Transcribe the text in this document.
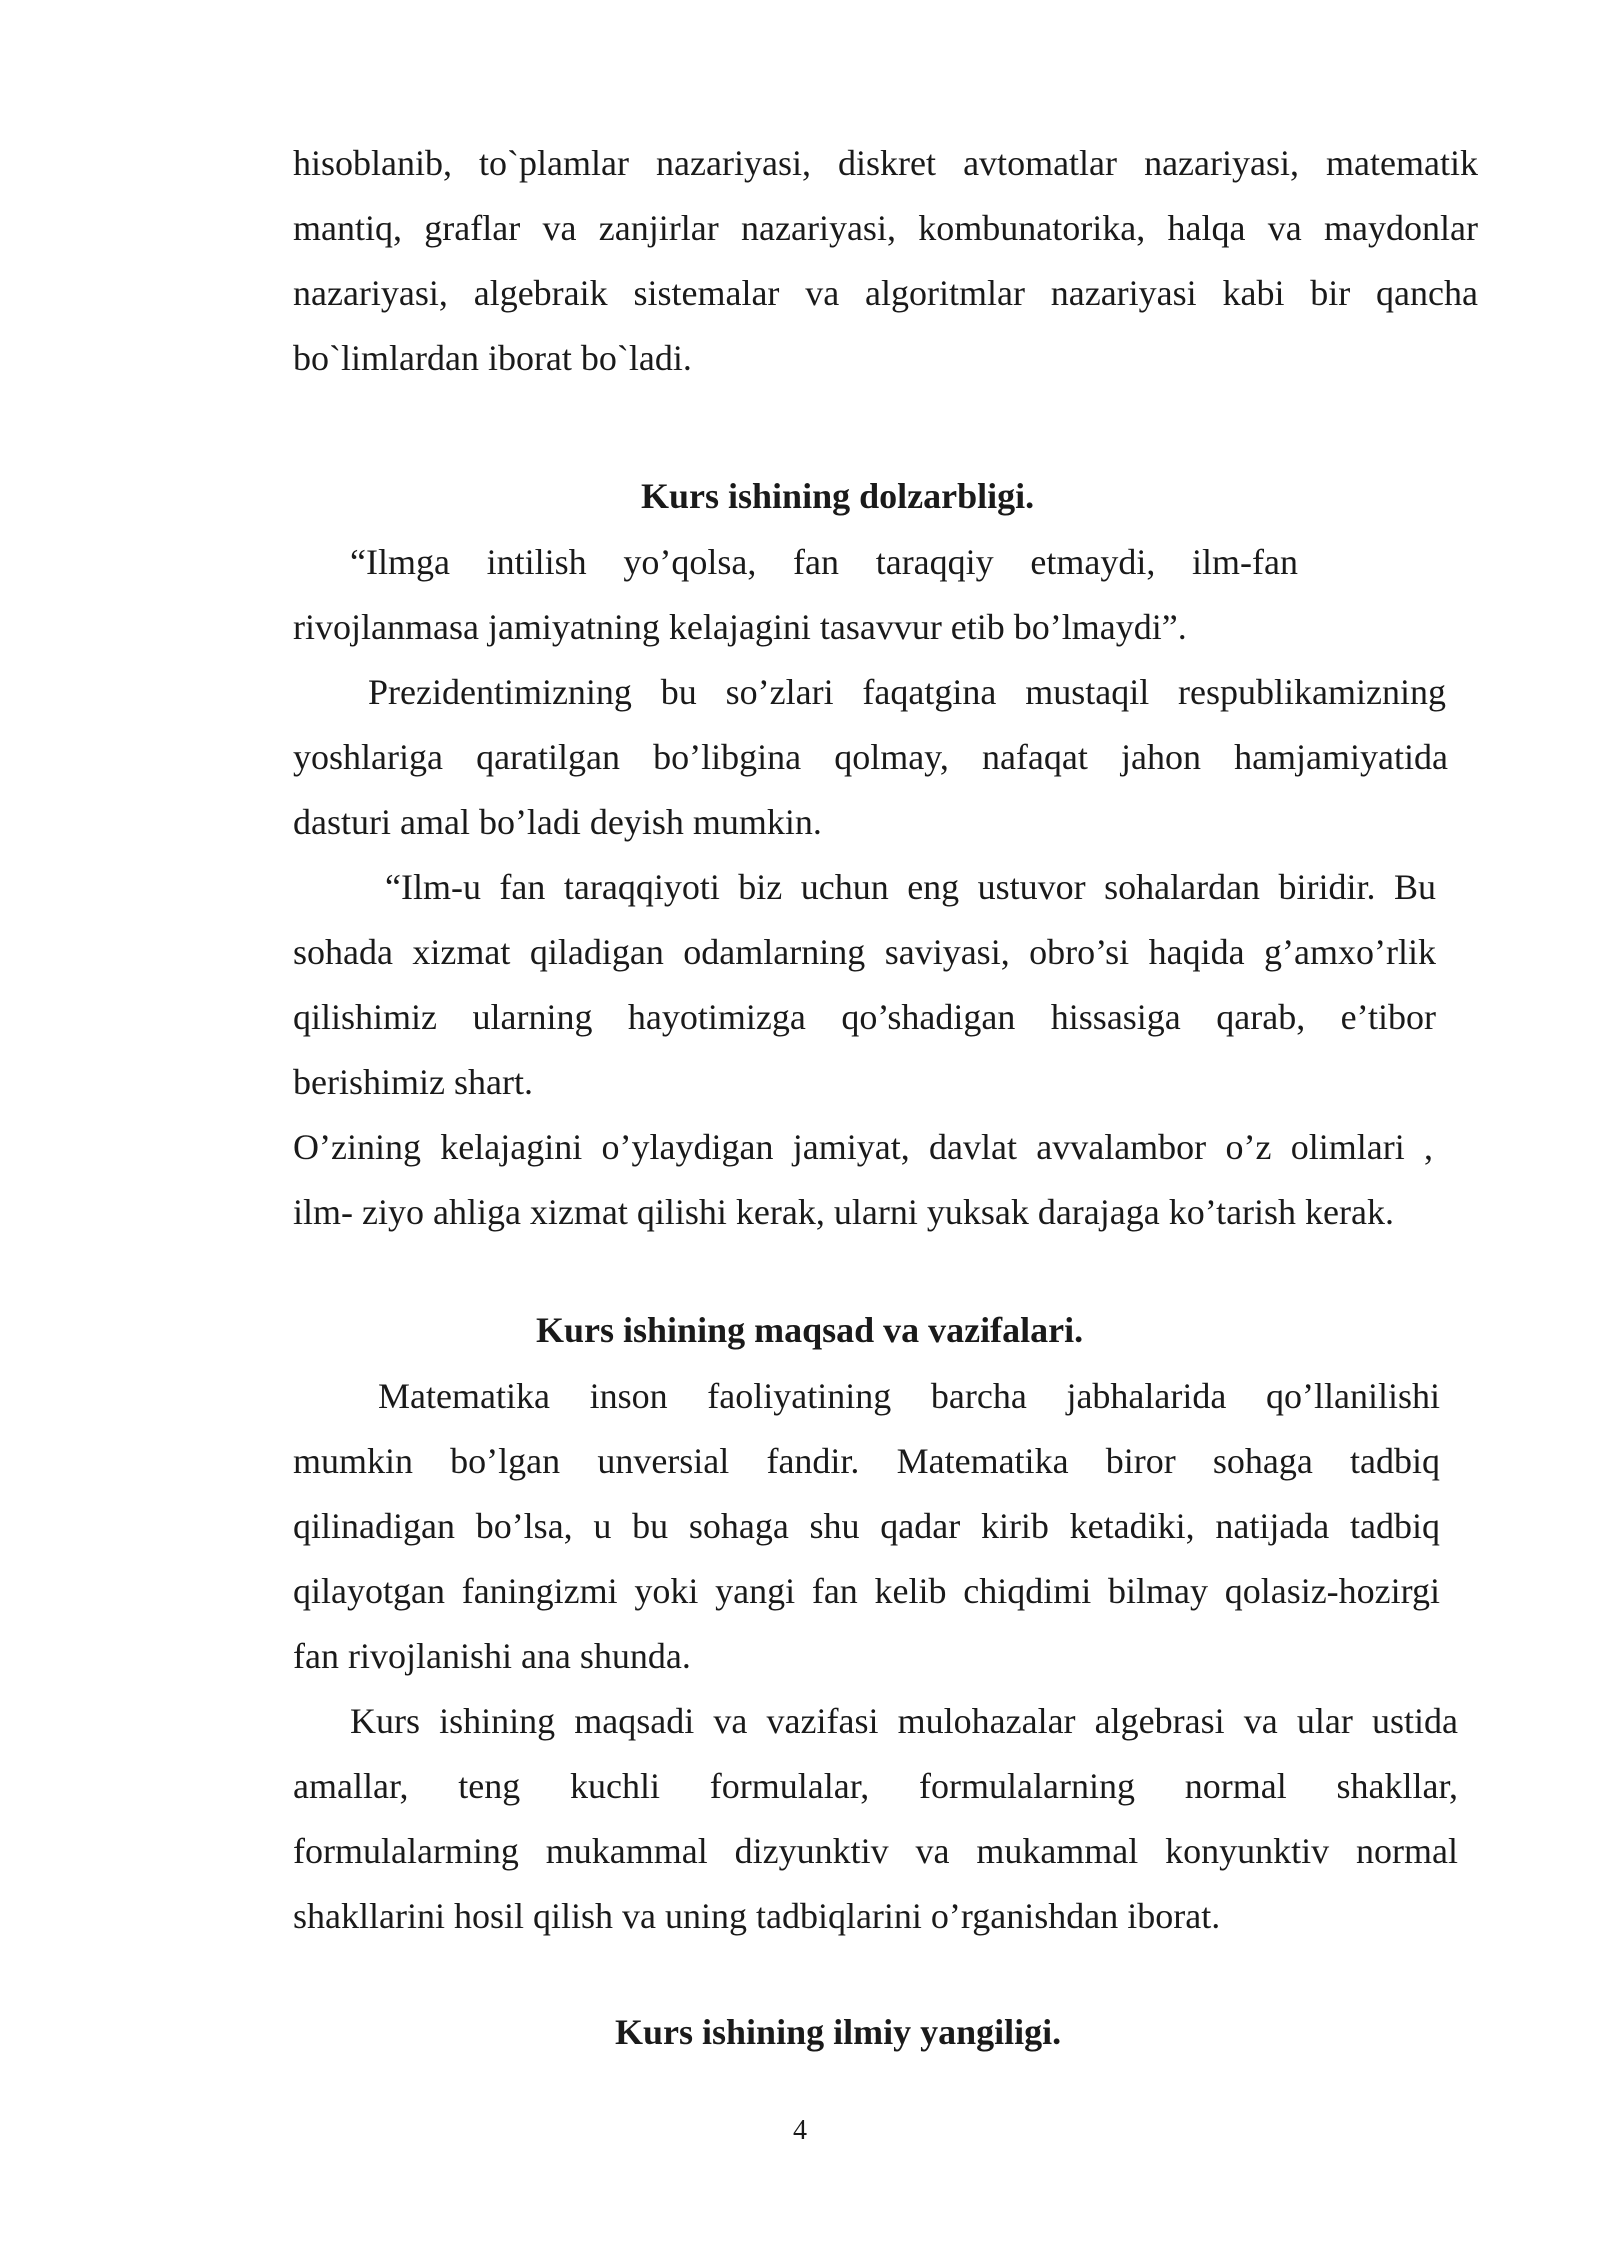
hisoblanib, to`plamlar nazariyasi, diskret avtomatlar nazariyasi, matematik
mantiq, graflar va zanjirlar nazariyasi, kombunatorika, halqa va maydonlar
nazariyasi, algebraik sistemalar va algoritmlar nazariyasi kabi bir qancha
bo`limlardan iborat bo`ladi.
Kurs ishining dolzarbligi.
“Ilmga intilish yo’qolsa, fan taraqqiy etmaydi, ilm-fan
rivojlanmasa jamiyatning kelajagini tasavvur etib bo’lmaydi”.
Prezidentimizning bu so’zlari faqatgina mustaqil respublikamizning
yoshlariga qaratilgan bo’libgina qolmay, nafaqat jahon hamjamiyatida
dasturi amal bo’ladi deyish mumkin.
“Ilm-u fan taraqqiyoti biz uchun eng ustuvor sohalardan biridir. Bu
sohada xizmat qiladigan odamlarning saviyasi, obro’si haqida g’amxo’rlik
qilishimiz ularning hayotimizga qo’shadigan hissasiga qarab, e’tibor
berishimiz shart.
O’zining kelajagini o’ylaydigan jamiyat, davlat avvalambor o’z olimlari ,
ilm- ziyo ahliga xizmat qilishi kerak, ularni yuksak darajaga ko’tarish kerak.
Kurs ishining maqsad va vazifalari.
Matematika inson faoliyatining barcha jabhalarida qo’llanilishi
mumkin bo’lgan unversial fandir. Matematika biror sohaga tadbiq
qilinadigan bo’lsa, u bu sohaga shu qadar kirib ketadiki, natijada tadbiq
qilayotgan faningizmi yoki yangi fan kelib chiqdimi bilmay qolasiz-hozirgi
fan rivojlanishi ana shunda.
Kurs ishining maqsadi va vazifasi mulohazalar algebrasi va ular ustida
amallar, teng kuchli formulalar, formulalarning normal shakllar,
formulalarming mukammal dizyunktiv va mukammal konyunktiv normal
shakllarini hosil qilish va uning tadbiqlarini o’rganishdan iborat.
Kurs ishining ilmiy yangiligi.
4
